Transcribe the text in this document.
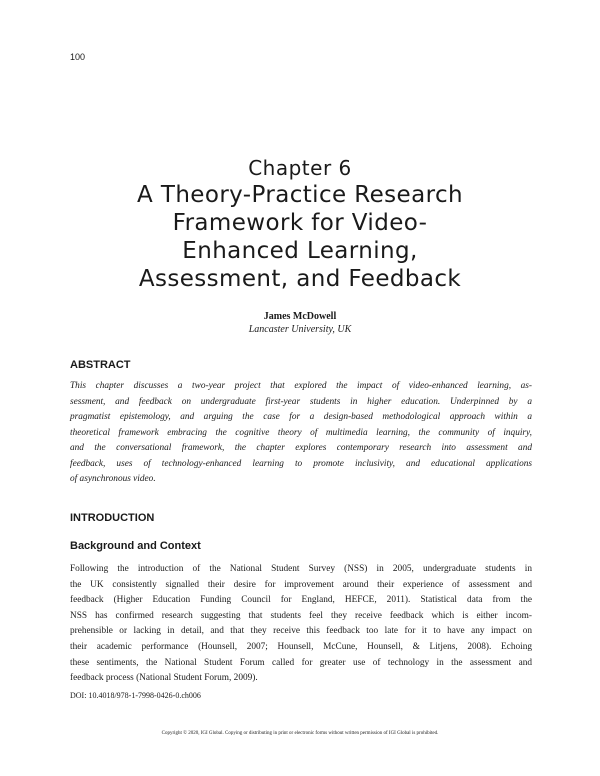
100
Chapter 6
A Theory-Practice Research
Framework for Video-
Enhanced Learning,
Assessment, and Feedback
James McDowell
Lancaster University, UK
ABSTRACT
This chapter discusses a two-year project that explored the impact of video-enhanced learning, as-
sessment, and feedback on undergraduate first-year students in higher education. Underpinned by a
pragmatist epistemology, and arguing the case for a design-based methodological approach within a
theoretical framework embracing the cognitive theory of multimedia learning, the community of inquiry,
and the conversational framework, the chapter explores contemporary research into assessment and
feedback, uses of technology-enhanced learning to promote inclusivity, and educational applications
of asynchronous video.
INTRODUCTION
Background and Context
Following the introduction of the National Student Survey (NSS) in 2005, undergraduate students in
the UK consistently signalled their desire for improvement around their experience of assessment and
feedback (Higher Education Funding Council for England, HEFCE, 2011). Statistical data from the
NSS has confirmed research suggesting that students feel they receive feedback which is either incom-
prehensible or lacking in detail, and that they receive this feedback too late for it to have any impact on
their academic performance (Hounsell, 2007; Hounsell, McCune, Hounsell, & Litjens, 2008). Echoing
these sentiments, the National Student Forum called for greater use of technology in the assessment and
feedback process (National Student Forum, 2009).
DOI: 10.4018/978-1-7998-0426-0.ch006
Copyright © 2020, IGI Global. Copying or distributing in print or electronic forms without written permission of IGI Global is prohibited.
